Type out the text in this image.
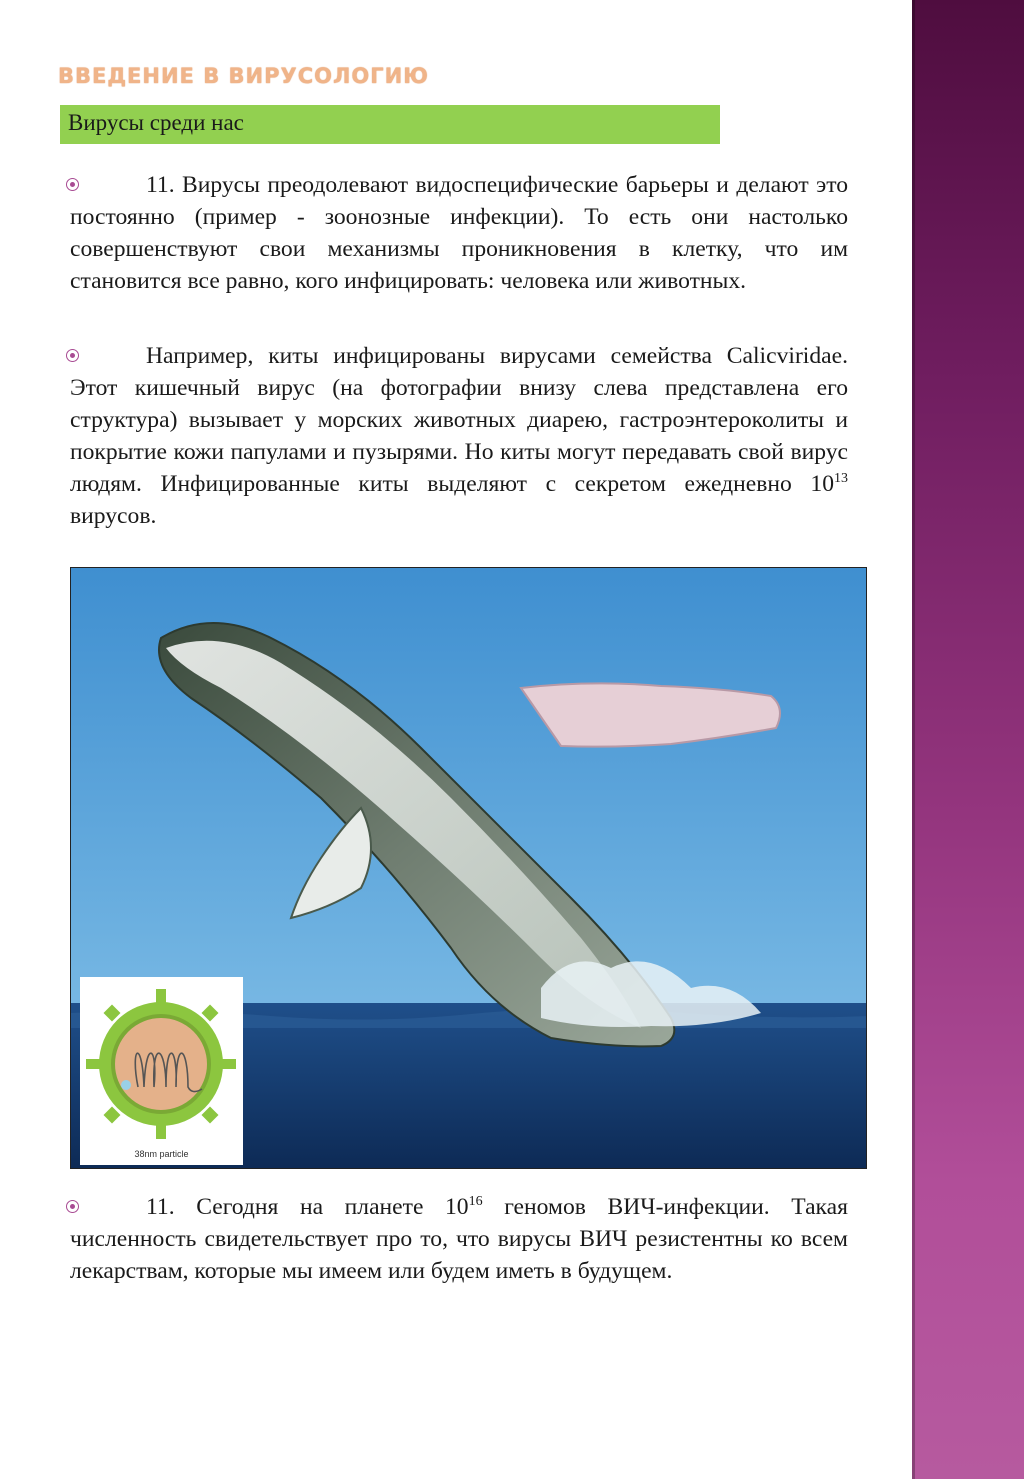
ВВЕДЕНИЕ В ВИРУСОЛОГИЮ
Вирусы среди нас

11. Вирусы преодолевают видоспецифические барьеры и делают это постоянно (пример - зоонозные инфекции). То есть они настолько совершенствуют свои механизмы проникновения в клетку, что им становится все равно, кого инфицировать: человека или животных.

Например, киты инфицированы вирусами семейства Calicviridae. Этот кишечный вирус (на фотографии внизу слева представлена его структура) вызывает у морских животных диарею, гастроэнтероколиты и покрытие кожи папулами и пузырями. Но киты могут передавать свой вирус людям. Инфицированные киты выделяют с секретом ежедневно $10^{13}$ вирусов.

38nm particle

11. Сегодня на планете $10^{16}$ геномов ВИЧ-инфекции. Такая численность свидетельствует про то, что вирусы ВИЧ резистентны ко всем лекарствам, которые мы имеем или будем иметь в будущем.
